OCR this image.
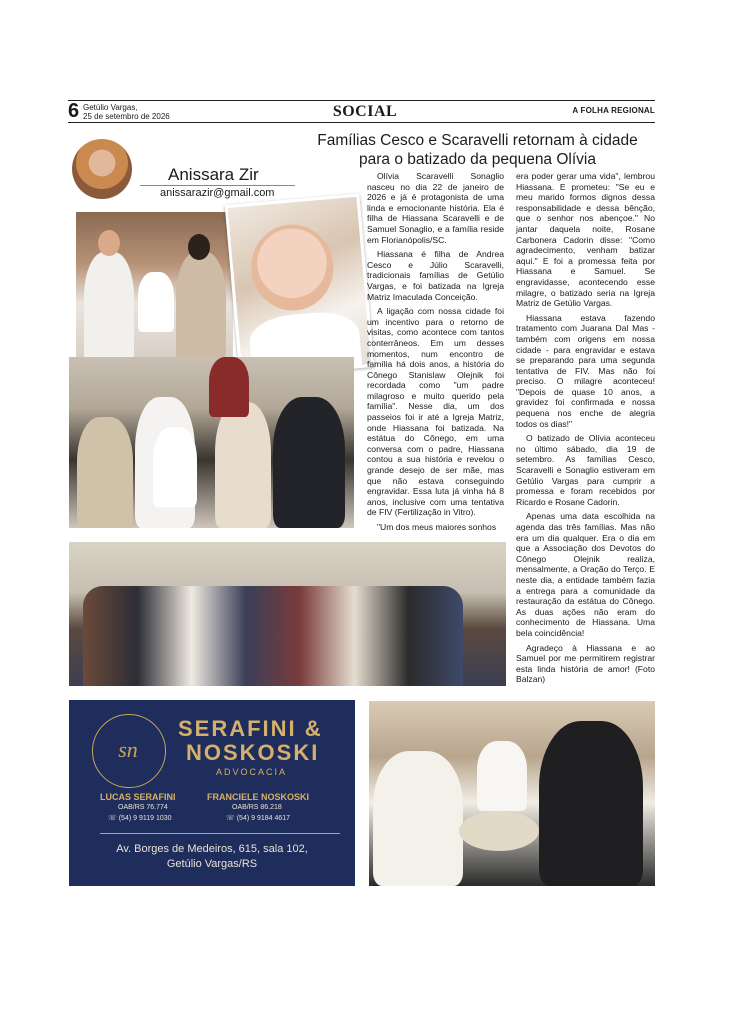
6 Getúlio Vargas,
25 de setembro de 2026	SOCIAL	A FOLHA REGIONAL
Famílias Cesco e Scaravelli retornam à cidade
para o batizado da pequena Olívia
Anissara Zir
anissarazir@gmail.com

Olívia Scaravelli Sonaglio nasceu no dia 22 de janeiro de 2026 e já é protagonista de uma linda e emocionante história. Ela é filha de Hiassana Scaravelli e de Samuel Sonaglio, e a família reside em Florianópolis/SC.

Hiassana é filha de Andrea Cesco e Júlio Scaravelli, tradicionais famílias de Getúlio Vargas, e foi batizada na Igreja Matriz Imaculada Conceição.

A ligação com nossa cidade foi um incentivo para o retorno de visitas, como acontece com tantos conterrâneos. Em um desses momentos, num encontro de família há dois anos, a história do Cônego Stanislaw Olejnik foi recordada como "um padre milagroso e muito querido pela família". Nesse dia, um dos passeios foi ir até a Igreja Matriz, onde Hiassana foi batizada. Na estátua do Cônego, em uma conversa com o padre, Hiassana contou a sua história e revelou o grande desejo de ser mãe, mas que não estava conseguindo engravidar. Essa luta já vinha há 8 anos, inclusive com uma tentativa de FIV (Fertilização in Vitro).

"Um dos meus maiores sonhos

era poder gerar uma vida", lembrou Hiassana. E prometeu: "Se eu e meu marido formos dignos dessa responsabilidade e dessa bênção, que o senhor nos abençoe." No jantar daquela noite, Rosane Carbonera Cadorin disse: "Como agradecimento, venham batizar aqui." E foi a promessa feita por Hiassana e Samuel. Se engravidasse, acontecendo esse milagre, o batizado seria na Igreja Matriz de Getúlio Vargas.

Hiassana estava fazendo tratamento com Juarana Dal Mas - também com origens em nossa cidade - para engravidar e estava se preparando para uma segunda tentativa de FIV. Mas não foi preciso. O milagre aconteceu! "Depois de quase 10 anos, a gravidez foi confirmada e nossa pequena nos enche de alegria todos os dias!"

O batizado de Olívia aconteceu no último sábado, dia 19 de setembro. As famílias Cesco, Scaravelli e Sonaglio estiveram em Getúlio Vargas para cumprir a promessa e foram recebidos por Ricardo e Rosane Cadorin.

Apenas uma data escolhida na agenda das três famílias. Mas não era um dia qualquer. Era o dia em que a Associação dos Devotos do Cônego Olejnik realiza, mensalmente, a Oração do Terço. E neste dia, a entidade também fazia a entrega para a comunidade da restauração da estátua do Cônego. As duas ações não eram do conhecimento de Hiassana. Uma bela coincidência!

Agradeço à Hiassana e ao Samuel por me permitirem registrar esta linda história de amor! (Foto Balzan)

sn
SERAFINI &
NOSKOSKI
ADVOCACIA
LUCAS SERAFINI
OAB/RS 76.774
☏ (54) 9 9119 1030
FRANCIELE NOSKOSKI
OAB/RS 86.218
☏ (54) 9 9184 4617
Av. Borges de Medeiros, 615, sala 102,
Getúlio Vargas/RS
